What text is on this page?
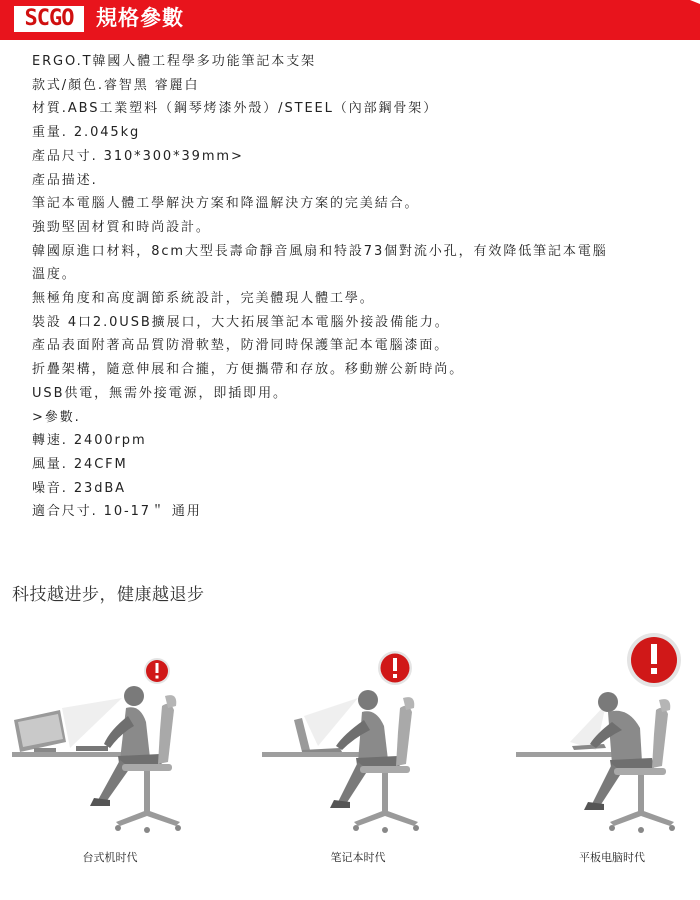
SCGO 規格參數
ERGO.T韓國人體工程學多功能筆記本支架
款式/顏色.睿智黑 睿麗白
材質.ABS工業塑料（鋼琴烤漆外殼）/STEEL（內部鋼骨架）
重量. 2.045kg
產品尺寸. 310*300*39mm>
產品描述.
筆記本電腦人體工學解決方案和降溫解決方案的完美結合。
強勁堅固材質和時尚設計。
韓國原進口材料，8cm大型長壽命靜音風扇和特設73個對流小孔，有效降低筆記本電腦
溫度。
無極角度和高度調節系統設計，完美體現人體工學。
裝設 4口2.0USB擴展口，大大拓展筆記本電腦外接設備能力。
產品表面附著高品質防滑軟墊，防滑同時保護筆記本電腦漆面。
折疊架構，隨意伸展和合攏，方便攜帶和存放。移動辦公新時尚。
USB供電，無需外接電源，即插即用。
>參數.
轉速. 2400rpm
風量. 24CFM
噪音. 23dBA
適合尺寸. 10-17＂ 通用
科技越进步，健康越退步
台式机时代	笔记本时代	平板电脑时代
